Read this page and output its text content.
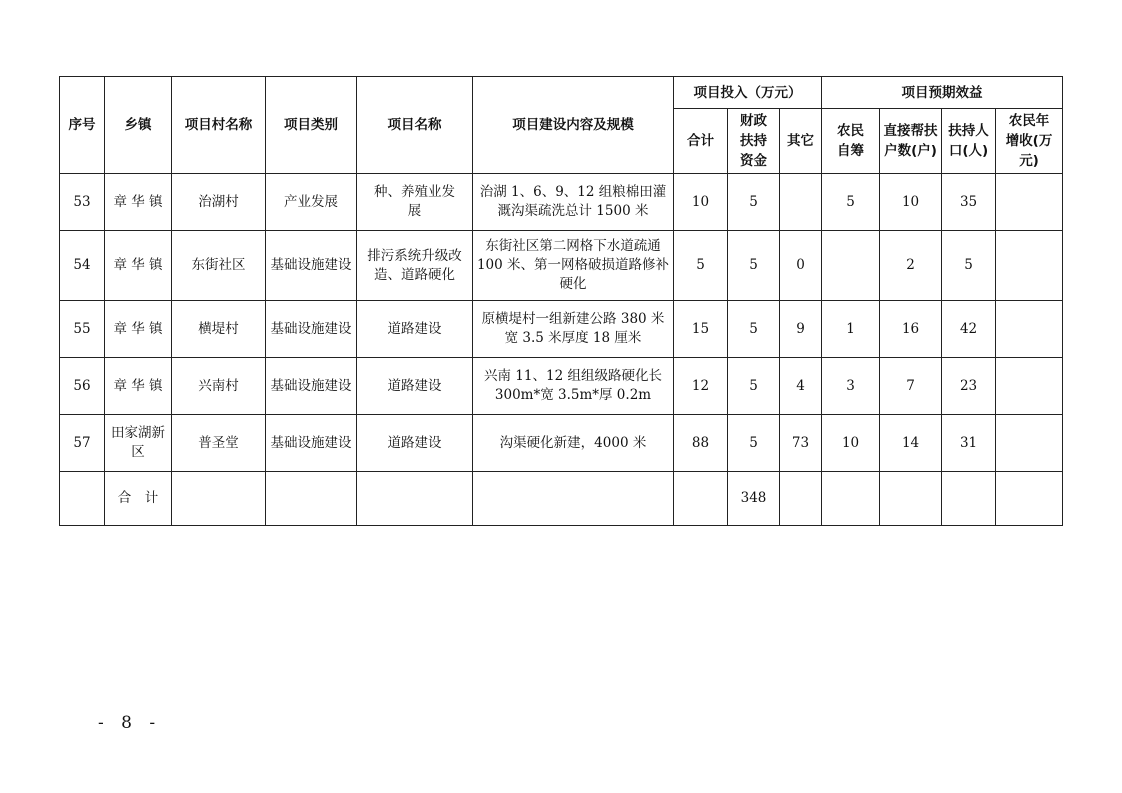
序号	乡镇	项目村名称	项目类别	项目名称	项目建设内容及规模	项目投入（万元）			项目预期效益			
						合计	财政扶持资金	其它	农民自筹	直接帮扶户数(户)	扶持人口(人)	农民年增收(万元)
53	章 华 镇	治湖村	产业发展	种、养殖业发展	治湖 1、6、9、12 组粮棉田灌溉沟渠疏洗总计 1500 米	10	5		5	10	35	
54	章 华 镇	东街社区	基础设施建设	排污系统升级改造、道路硬化	东街社区第二网格下水道疏通 100 米、第一网格破损道路修补硬化	5	5	0		2	5	
55	章 华 镇	横堤村	基础设施建设	道路建设	原横堤村一组新建公路 380 米宽 3.5 米厚度 18 厘米	15	5	9	1	16	42	
56	章 华 镇	兴南村	基础设施建设	道路建设	兴南 11、12 组组级路硬化长 300m*宽 3.5m*厚 0.2m	12	5	4	3	7	23	
57	田家湖新区	普圣堂	基础设施建设	道路建设	沟渠硬化新建，4000 米	88	5	73	10	14	31	
	合　计						348					
- 8 -
